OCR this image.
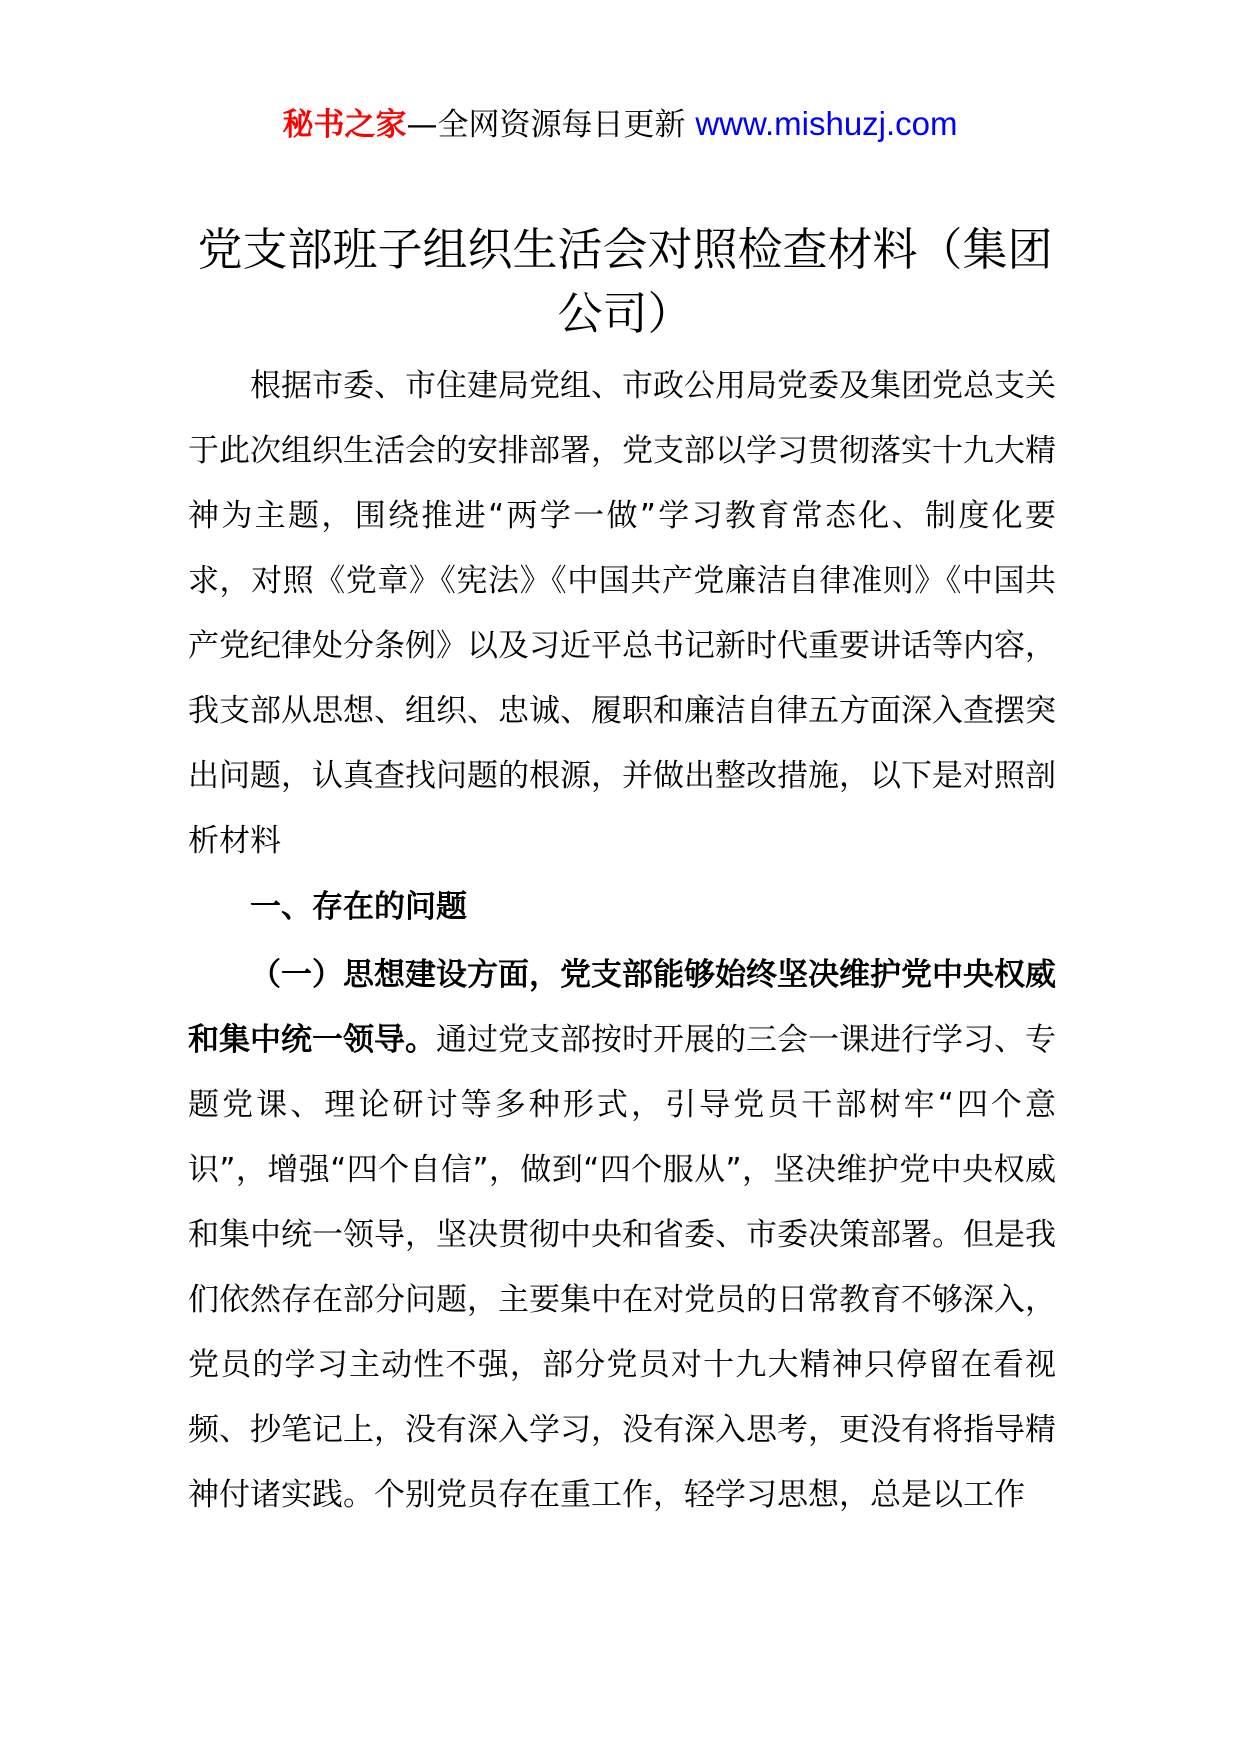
秘书之家—全网资源每日更新 www.mishuzj.com
党支部班子组织生活会对照检查材料（集团公司）

根据市委、市住建局党组、市政公用局党委及集团党总支关于此次组织生活会的安排部署，党支部以学习贯彻落实十九大精神为主题，围绕推进“两学一做”学习教育常态化、制度化要求，对照《党章》《宪法》《中国共产党廉洁自律准则》《中国共产党纪律处分条例》以及习近平总书记新时代重要讲话等内容，我支部从思想、组织、忠诚、履职和廉洁自律五方面深入查摆突出问题，认真查找问题的根源，并做出整改措施，以下是对照剖析材料

一、存在的问题

（一）思想建设方面，党支部能够始终坚决维护党中央权威和集中统一领导。通过党支部按时开展的三会一课进行学习、专题党课、理论研讨等多种形式，引导党员干部树牢“四个意识”，增强“四个自信”，做到“四个服从”，坚决维护党中央权威和集中统一领导，坚决贯彻中央和省委、市委决策部署。但是我们依然存在部分问题，主要集中在对党员的日常教育不够深入，党员的学习主动性不强，部分党员对十九大精神只停留在看视频、抄笔记上，没有深入学习，没有深入思考，更没有将指导精神付诸实践。个别党员存在重工作，轻学习思想，总是以工作
